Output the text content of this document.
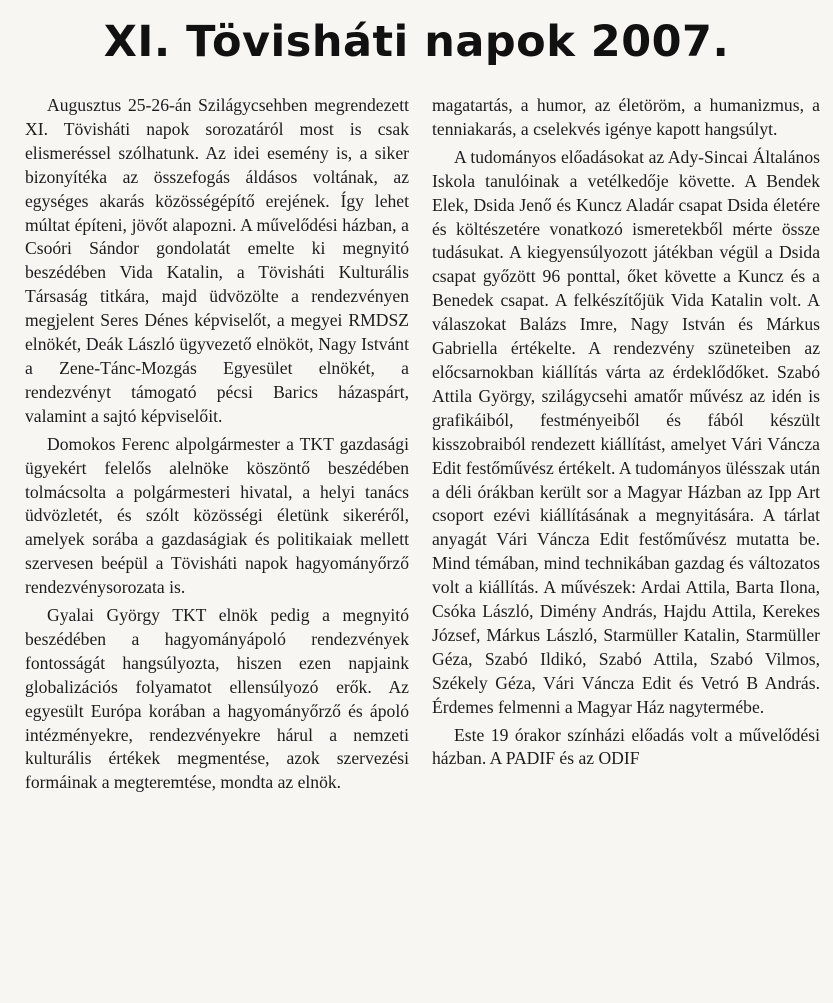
XI. Tövisháti napok 2007.

Augusztus 25-26-án Szilágycsehben megrendezett XI. Tövisháti napok sorozatáról most is csak elismeréssel szólhatunk. Az idei esemény is, a siker bizonyítéka az összefogás áldásos voltának, az egységes akarás közösségépítő erejének. Így lehet múltat építeni, jövőt alapozni. A művelődési házban, a Csoóri Sándor gondolatát emelte ki megnyitó beszédében Vida Katalin, a Tövisháti Kulturális Társaság titkára, majd üdvözölte a rendezvényen megjelent Seres Dénes képviselőt, a megyei RMDSZ elnökét, Deák László ügyvezető elnököt, Nagy Istvánt a Zene-Tánc-Mozgás Egyesület elnökét, a rendezvényt támogató pécsi Barics házaspárt, valamint a sajtó képviselőit.

Domokos Ferenc alpolgármester a TKT gazdasági ügyekért felelős alelnöke köszöntő beszédében tolmácsolta a polgármesteri hivatal, a helyi tanács üdvözletét, és szólt közösségi életünk sikeréről, amelyek sorába a gazdaságiak és politikaiak mellett szervesen beépül a Tövisháti napok hagyományőrző rendezvénysorozata is.

Gyalai György TKT elnök pedig a megnyitó beszédében a hagyományápoló rendezvények fontosságát hangsúlyozta, hiszen ezen napjaink globalizációs folyamatot ellensúlyozó erők. Az egyesült Európa korában a hagyományőrző és ápoló intézményekre, rendezvényekre hárul a nemzeti kulturális értékek megmentése, azok szervezési formáinak a megteremtése, mondta az elnök.

magatartás, a humor, az életöröm, a humanizmus, a tenniakarás, a cselekvés igénye kapott hangsúlyt.

A tudományos előadásokat az Ady-Sincai Általános Iskola tanulóinak a vetélkedője követte. A Bendek Elek, Dsida Jenő és Kuncz Aladár csapat Dsida életére és költészetére vonatkozó ismeretekből mérte össze tudásukat. A kiegyensúlyozott játékban végül a Dsida csapat győzött 96 ponttal, őket követte a Kuncz és a Benedek csapat. A felkészítőjük Vida Katalin volt. A válaszokat Balázs Imre, Nagy István és Márkus Gabriella értékelte. A rendezvény szüneteiben az előcsarnokban kiállítás várta az érdeklődőket. Szabó Attila György, szilágycsehi amatőr művész az idén is grafikáiból, festményeiből és fából készült kisszobraiból rendezett kiállítást, amelyet Vári Váncza Edit festőművész értékelt. A tudományos ülésszak után a déli órákban került sor a Magyar Házban az Ipp Art csoport ezévi kiállításának a megnyitására. A tárlat anyagát Vári Váncza Edit festőművész mutatta be. Mind témában, mind technikában gazdag és változatos volt a kiállítás. A művészek: Ardai Attila, Barta Ilona, Csóka László, Dimény András, Hajdu Attila, Kerekes József, Márkus László, Starmüller Katalin, Starmüller Géza, Szabó Ildikó, Szabó Attila, Szabó Vilmos, Székely Géza, Vári Váncza Edit és Vetró B András. Érdemes felmenni a Magyar Ház nagytermébe.

Este 19 órakor színházi előadás volt a művelődési házban. A PADIF és az ODIF
